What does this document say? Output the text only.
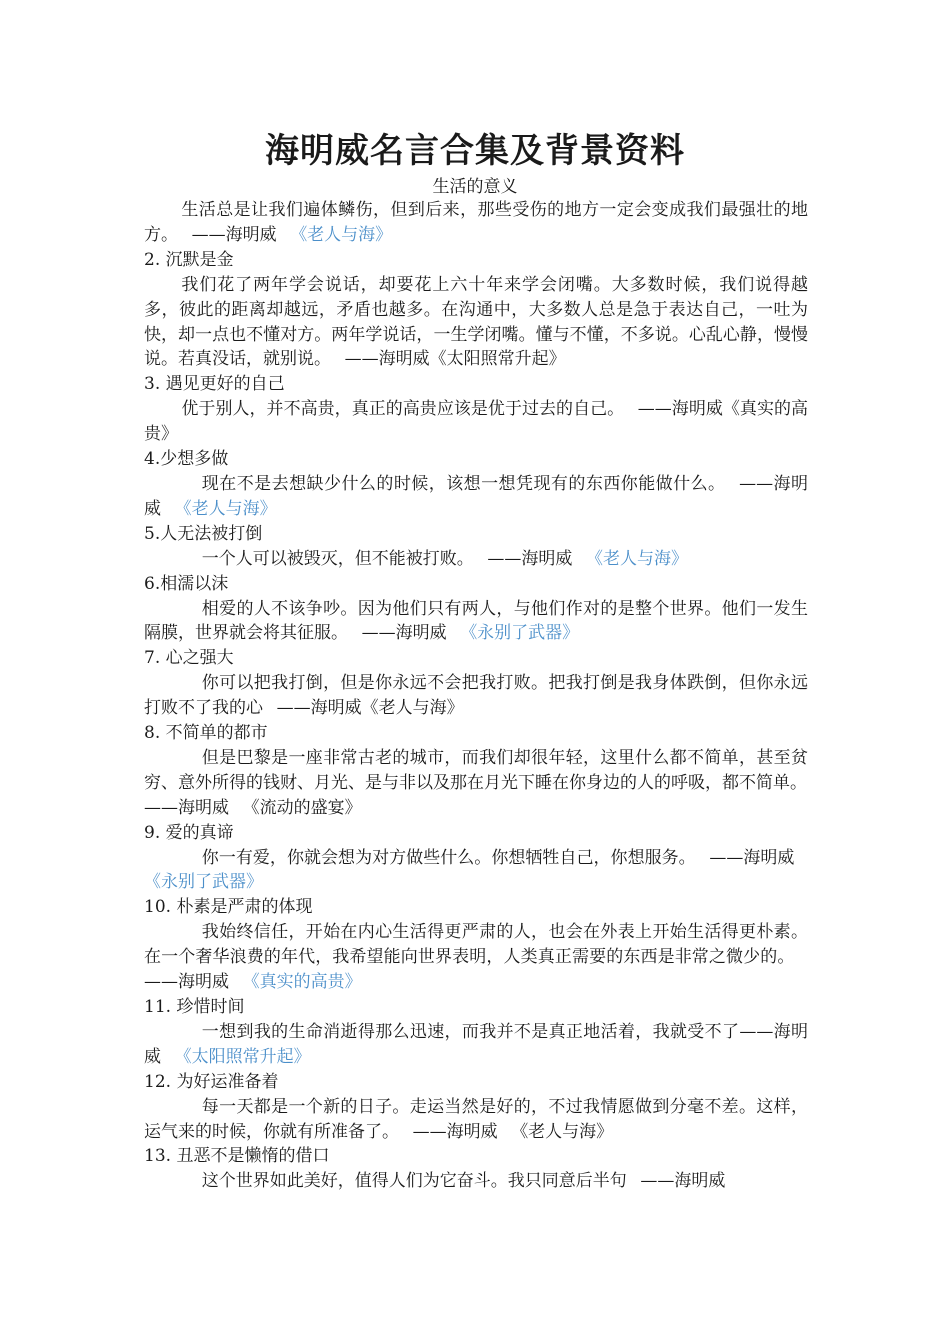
海明威名言合集及背景资料
生活的意义

生活总是让我们遍体鳞伤，但到后来，那些受伤的地方一定会变成我们最强壮的地方。 ——海明威 《老人与海》

2. 沉默是金

我们花了两年学会说话，却要花上六十年来学会闭嘴。大多数时候，我们说得越多，彼此的距离却越远，矛盾也越多。在沟通中，大多数人总是急于表达自己，一吐为快，却一点也不懂对方。两年学说话，一生学闭嘴。懂与不懂，不多说。心乱心静，慢慢说。若真没话，就别说。 ——海明威《太阳照常升起》

3. 遇见更好的自己

优于别人，并不高贵，真正的高贵应该是优于过去的自己。 ——海明威《真实的高贵》

4.少想多做

现在不是去想缺少什么的时候，该想一想凭现有的东西你能做什么。 ——海明威 《老人与海》

5.人无法被打倒

一个人可以被毁灭，但不能被打败。 ——海明威 《老人与海》

6.相濡以沫

相爱的人不该争吵。因为他们只有两人，与他们作对的是整个世界。他们一发生隔膜，世界就会将其征服。 ——海明威 《永别了武器》

7. 心之强大

你可以把我打倒，但是你永远不会把我打败。把我打倒是我身体跌倒，但你永远打败不了我的心 ——海明威《老人与海》

8. 不简单的都市

但是巴黎是一座非常古老的城市，而我们却很年轻，这里什么都不简单，甚至贫穷、意外所得的钱财、月光、是与非以及那在月光下睡在你身边的人的呼吸，都不简单。——海明威 《流动的盛宴》

9. 爱的真谛

你一有爱，你就会想为对方做些什么。你想牺牲自己，你想服务。 ——海明威《永别了武器》

10. 朴素是严肃的体现

我始终信任，开始在内心生活得更严肃的人，也会在外表上开始生活得更朴素。在一个奢华浪费的年代，我希望能向世界表明，人类真正需要的东西是非常之微少的。——海明威 《真实的高贵》

11. 珍惜时间

一想到我的生命消逝得那么迅速，而我并不是真正地活着，我就受不了——海明威 《太阳照常升起》

12. 为好运准备着

每一天都是一个新的日子。走运当然是好的，不过我情愿做到分毫不差。这样，运气来的时候，你就有所准备了。 ——海明威 《老人与海》

13. 丑恶不是懒惰的借口

这个世界如此美好，值得人们为它奋斗。我只同意后半句 ——海明威
